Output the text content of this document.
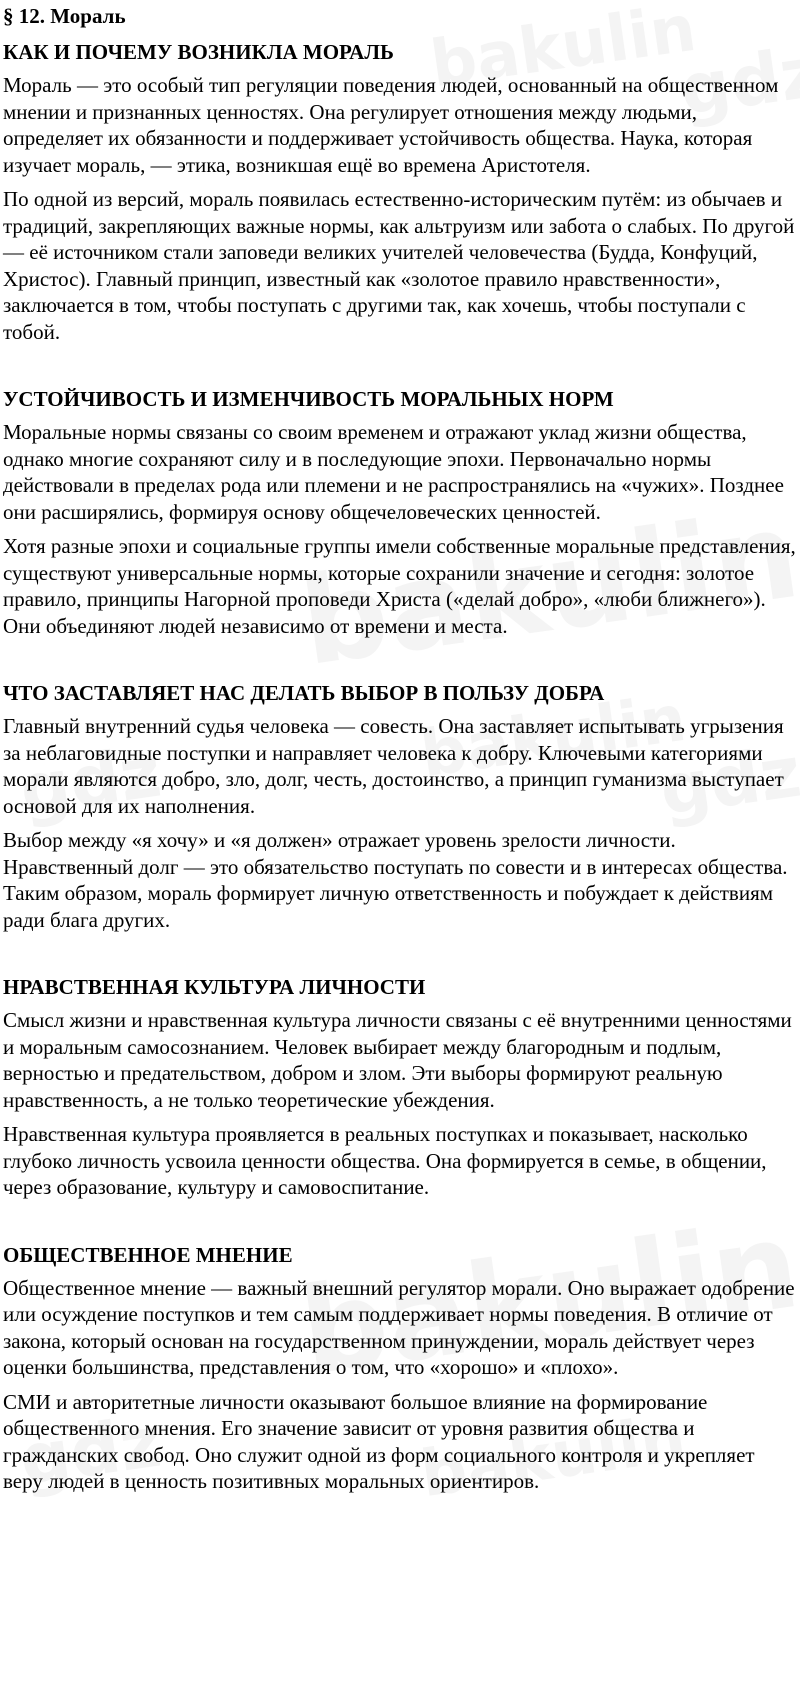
§ 12. Мораль
КАК И ПОЧЕМУ ВОЗНИКЛА МОРАЛЬ

Мораль — это особый тип регуляции поведения людей, основанный на общественном мнении и признанных ценностях. Она регулирует отношения между людьми, определяет их обязанности и поддерживает устойчивость общества. Наука, которая изучает мораль, — этика, возникшая ещё во времена Аристотеля.

По одной из версий, мораль появилась естественно-историческим путём: из обычаев и традиций, закрепляющих важные нормы, как альтруизм или забота о слабых. По другой — её источником стали заповеди великих учителей человечества (Будда, Конфуций, Христос). Главный принцип, известный как «золотое правило нравственности», заключается в том, чтобы поступать с другими так, как хочешь, чтобы поступали с тобой.

УСТОЙЧИВОСТЬ И ИЗМЕНЧИВОСТЬ МОРАЛЬНЫХ НОРМ

Моральные нормы связаны со своим временем и отражают уклад жизни общества, однако многие сохраняют силу и в последующие эпохи. Первоначально нормы действовали в пределах рода или племени и не распространялись на «чужих». Позднее они расширялись, формируя основу общечеловеческих ценностей.

Хотя разные эпохи и социальные группы имели собственные моральные представления, существуют универсальные нормы, которые сохранили значение и сегодня: золотое правило, принципы Нагорной проповеди Христа («делай добро», «люби ближнего»). Они объединяют людей независимо от времени и места.

ЧТО ЗАСТАВЛЯЕТ НАС ДЕЛАТЬ ВЫБОР В ПОЛЬЗУ ДОБРА

Главный внутренний судья человека — совесть. Она заставляет испытывать угрызения за неблаговидные поступки и направляет человека к добру. Ключевыми категориями морали являются добро, зло, долг, честь, достоинство, а принцип гуманизма выступает основой для их наполнения.

Выбор между «я хочу» и «я должен» отражает уровень зрелости личности. Нравственный долг — это обязательство поступать по совести и в интересах общества. Таким образом, мораль формирует личную ответственность и побуждает к действиям ради блага других.

НРАВСТВЕННАЯ КУЛЬТУРА ЛИЧНОСТИ

Смысл жизни и нравственная культура личности связаны с её внутренними ценностями и моральным самосознанием. Человек выбирает между благородным и подлым, верностью и предательством, добром и злом. Эти выборы формируют реальную нравственность, а не только теоретические убеждения.

Нравственная культура проявляется в реальных поступках и показывает, насколько глубоко личность усвоила ценности общества. Она формируется в семье, в общении, через образование, культуру и самовоспитание.

ОБЩЕСТВЕННОЕ МНЕНИЕ

Общественное мнение — важный внешний регулятор морали. Оно выражает одобрение или осуждение поступков и тем самым поддерживает нормы поведения. В отличие от закона, который основан на государственном принуждении, мораль действует через оценки большинства, представления о том, что «хорошо» и «плохо».

СМИ и авторитетные личности оказывают большое влияние на формирование общественного мнения. Его значение зависит от уровня развития общества и гражданских свобод. Оно служит одной из форм социального контроля и укрепляет веру людей в ценность позитивных моральных ориентиров.
